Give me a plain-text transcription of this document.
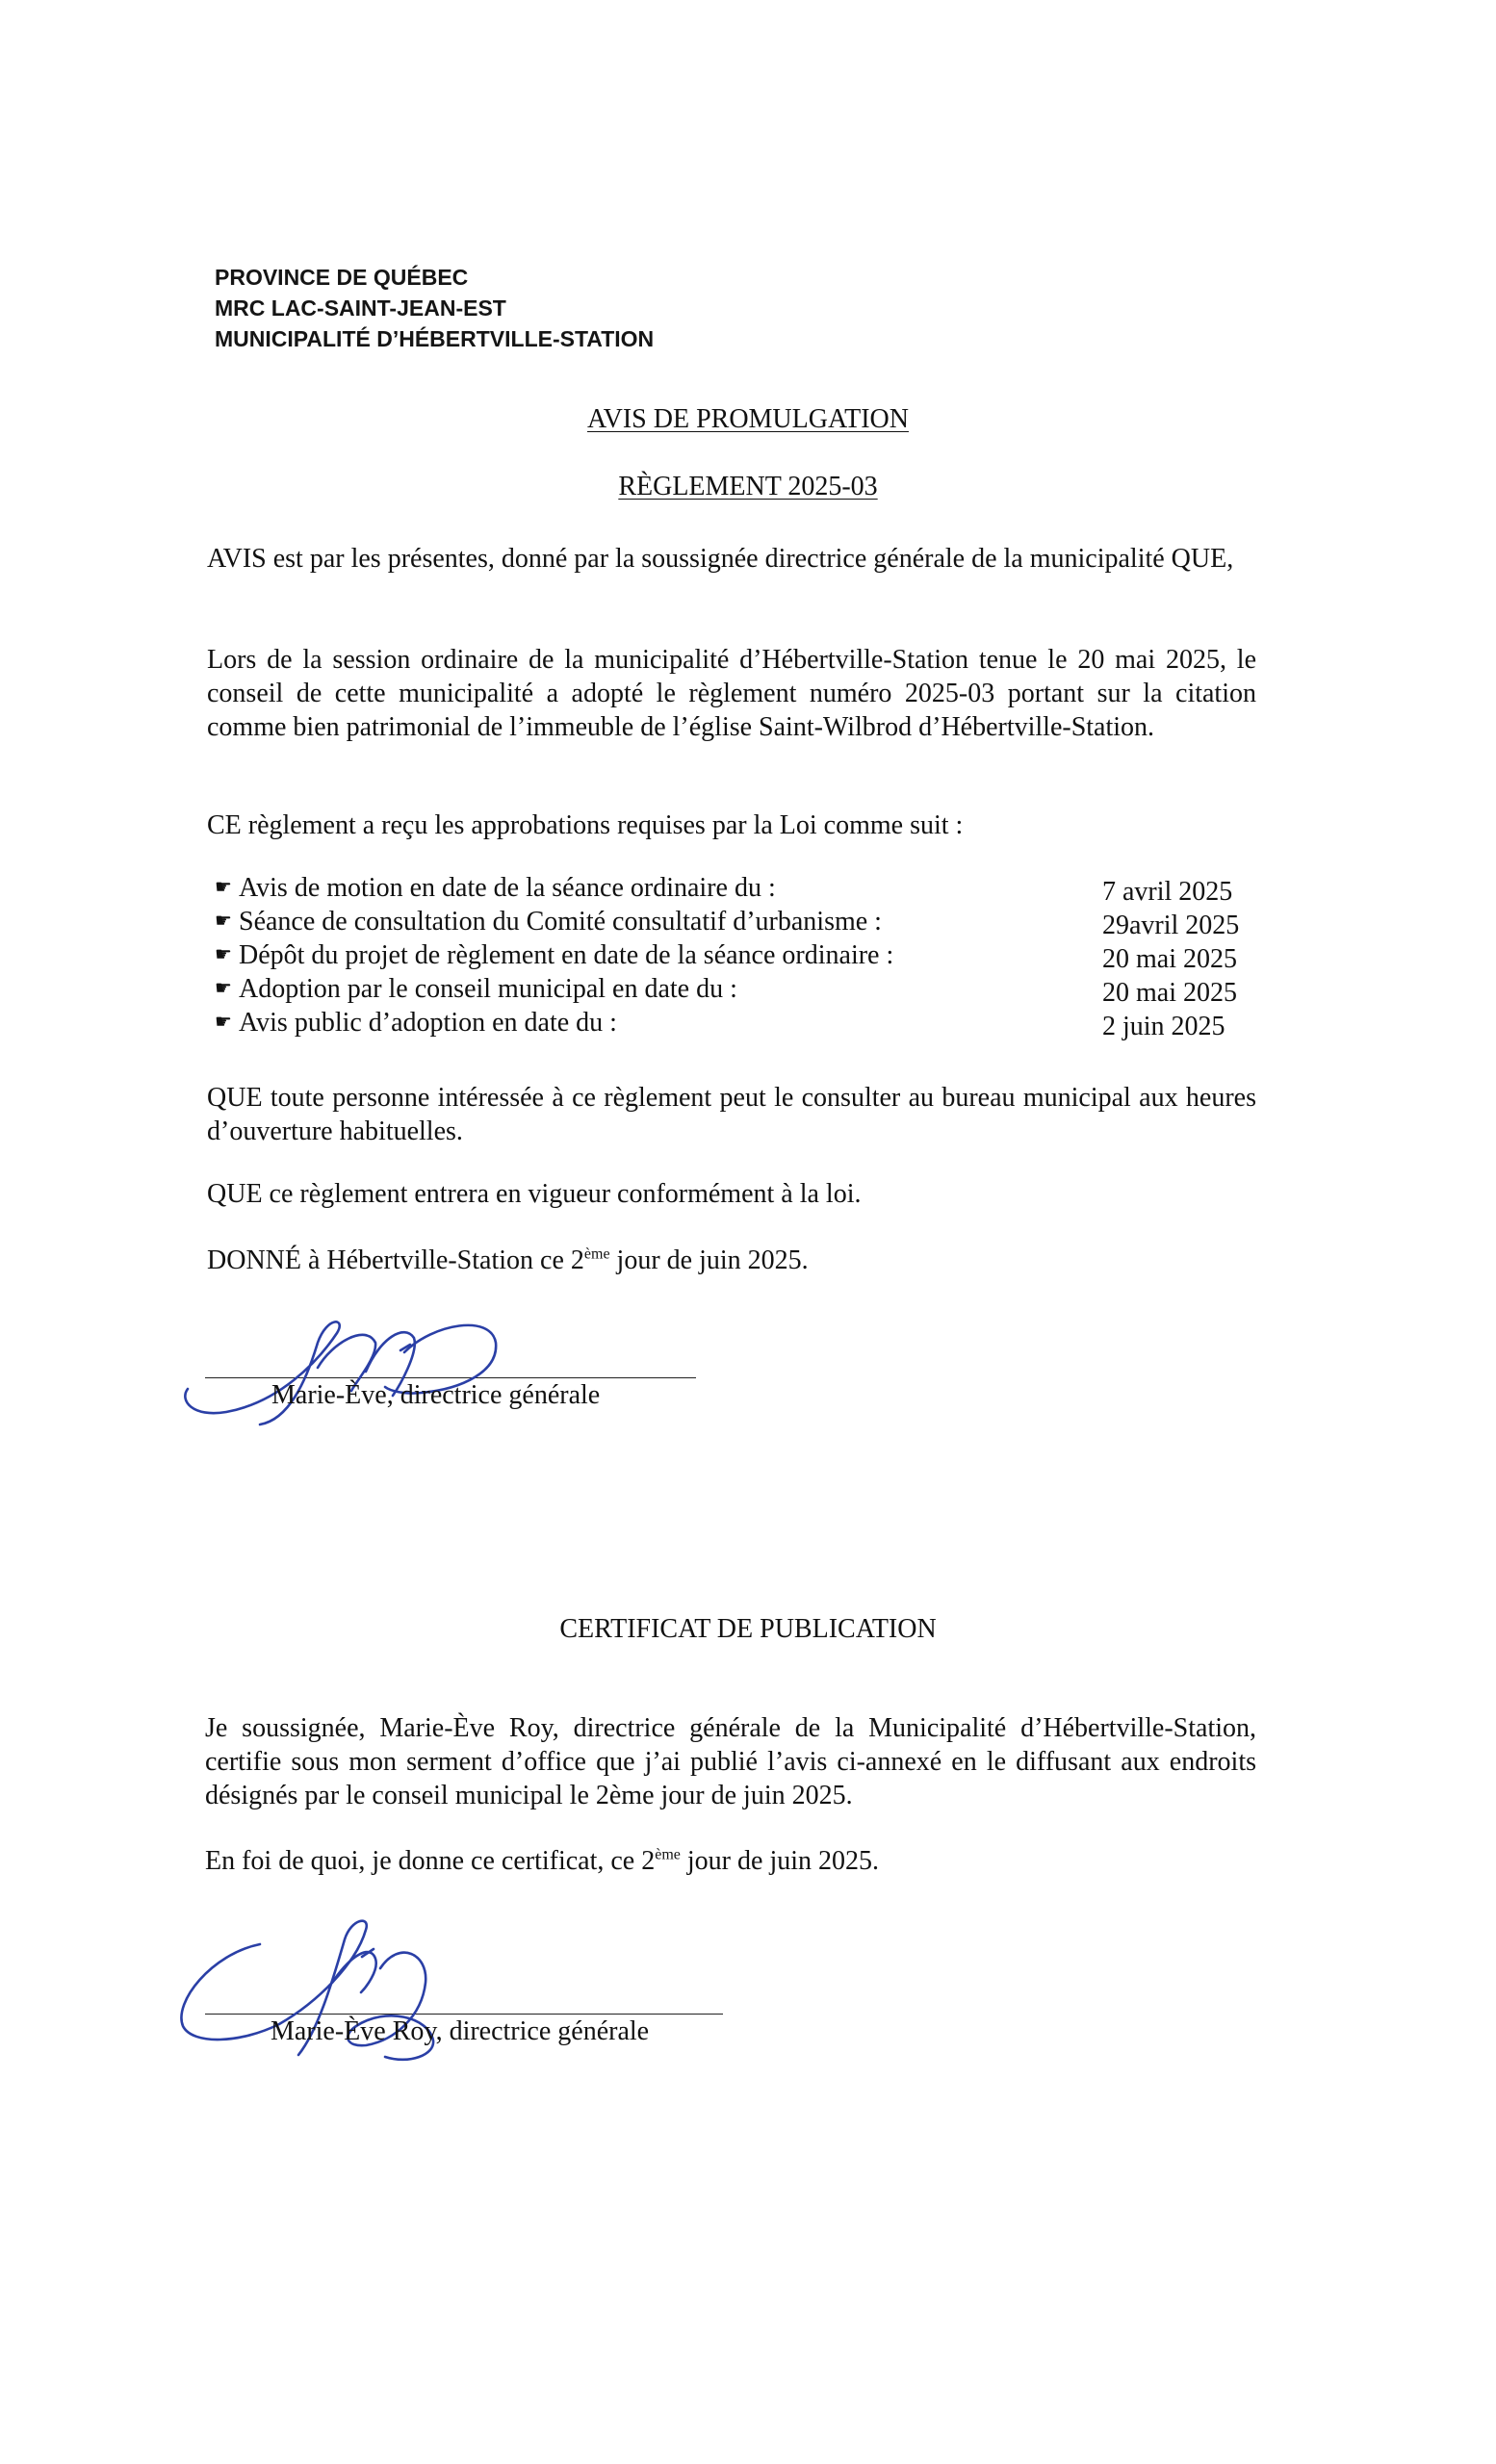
PROVINCE DE QUÉBEC
MRC LAC-SAINT-JEAN-EST
MUNICIPALITÉ D’HÉBERTVILLE-STATION
AVIS DE PROMULGATION
RÈGLEMENT 2025-03
AVIS est par les présentes, donné par la soussignée directrice générale de la municipalité QUE,
Lors de la session ordinaire de la municipalité d’Hébertville-Station tenue le 20 mai 2025, le conseil de cette municipalité a adopté le règlement numéro 2025-03 portant sur la citation comme bien patrimonial de l’immeuble de l’église Saint-Wilbrod d’Hébertville-Station.
CE règlement a reçu les approbations requises par la Loi comme suit :
☛ Avis de motion en date de la séance ordinaire du :	7 avril 2025
☛ Séance de consultation du Comité consultatif d’urbanisme :	29avril 2025
☛ Dépôt du projet de règlement en date de la séance ordinaire :	20 mai 2025
☛ Adoption par le conseil municipal en date du :	20 mai 2025
☛ Avis public d’adoption en date du :	2 juin 2025
QUE toute personne intéressée à ce règlement peut le consulter au bureau municipal aux heures d’ouverture habituelles.
QUE ce règlement entrera en vigueur conformément à la loi.
DONNÉ à Hébertville-Station ce 2ème jour de juin 2025.
Marie-Ève, directrice générale
CERTIFICAT DE PUBLICATION
Je soussignée, Marie-Ève Roy, directrice générale de la Municipalité d’Hébertville-Station, certifie sous mon serment d’office que j’ai publié l’avis ci-annexé en le diffusant aux endroits désignés par le conseil municipal le 2ème jour de juin 2025.
En foi de quoi, je donne ce certificat, ce 2ème jour de juin 2025.
Marie-Ève Roy, directrice générale
